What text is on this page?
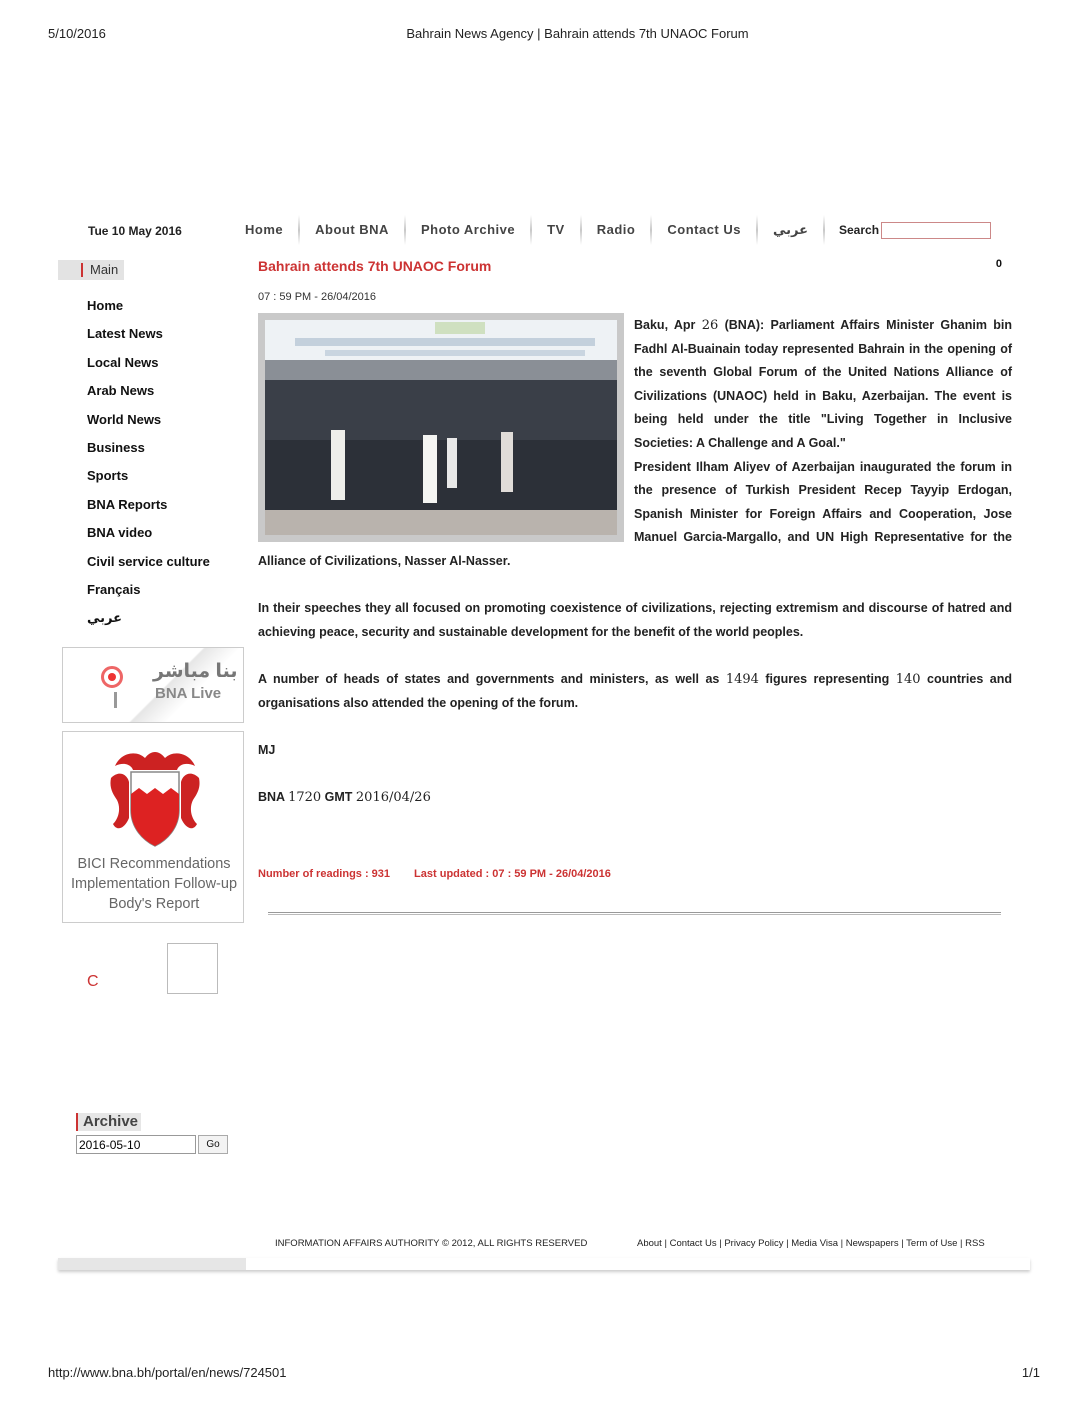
5/10/2016	Bahrain News Agency | Bahrain attends 7th UNAOC Forum
Tue 10 May 2016	Home	About BNA	Photo Archive	TV	Radio	Contact Us	عربي	Search
Main
Home
Latest News
Local News
Arab News
World News
Business
Sports
BNA Reports
BNA video
Civil service culture
Français
عربي
بنا مباشر
BNA Live
BICI Recommendations
Implementation Follow-up
Body's Report
C
Archive
2016-05-10
Go
Bahrain attends 7th UNAOC Forum	0
07 : 59 PM - 26/04/2016

Baku, Apr 26 (BNA): Parliament Affairs Minister Ghanim bin Fadhl Al-Buainain today represented Bahrain in the opening of the seventh Global Forum of the United Nations Alliance of Civilizations (UNAOC) held in Baku, Azerbaijan. The event is being held under the title "Living Together in Inclusive Societies: A Challenge and A Goal."

President Ilham Aliyev of Azerbaijan inaugurated the forum in the presence of Turkish President Recep Tayyip Erdogan, Spanish Minister for Foreign Affairs and Cooperation, Jose Manuel Garcia-Margallo, and UN High Representative for the Alliance of Civilizations, Nasser Al-Nasser.

In their speeches they all focused on promoting coexistence of civilizations, rejecting extremism and discourse of hatred and achieving peace, security and sustainable development for the benefit of the world peoples.

A number of heads of states and governments and ministers, as well as 1494 figures representing 140 countries and organisations also attended the opening of the forum.

MJ

BNA 1720 GMT 2016/04/26

Number of readings : 931 Last updated : 07 : 59 PM - 26/04/2016
INFORMATION AFFAIRS AUTHORITY © 2012, ALL RIGHTS RESERVED	About | Contact Us | Privacy Policy | Media Visa | Newspapers | Term of Use | RSS
http://www.bna.bh/portal/en/news/724501	1/1
